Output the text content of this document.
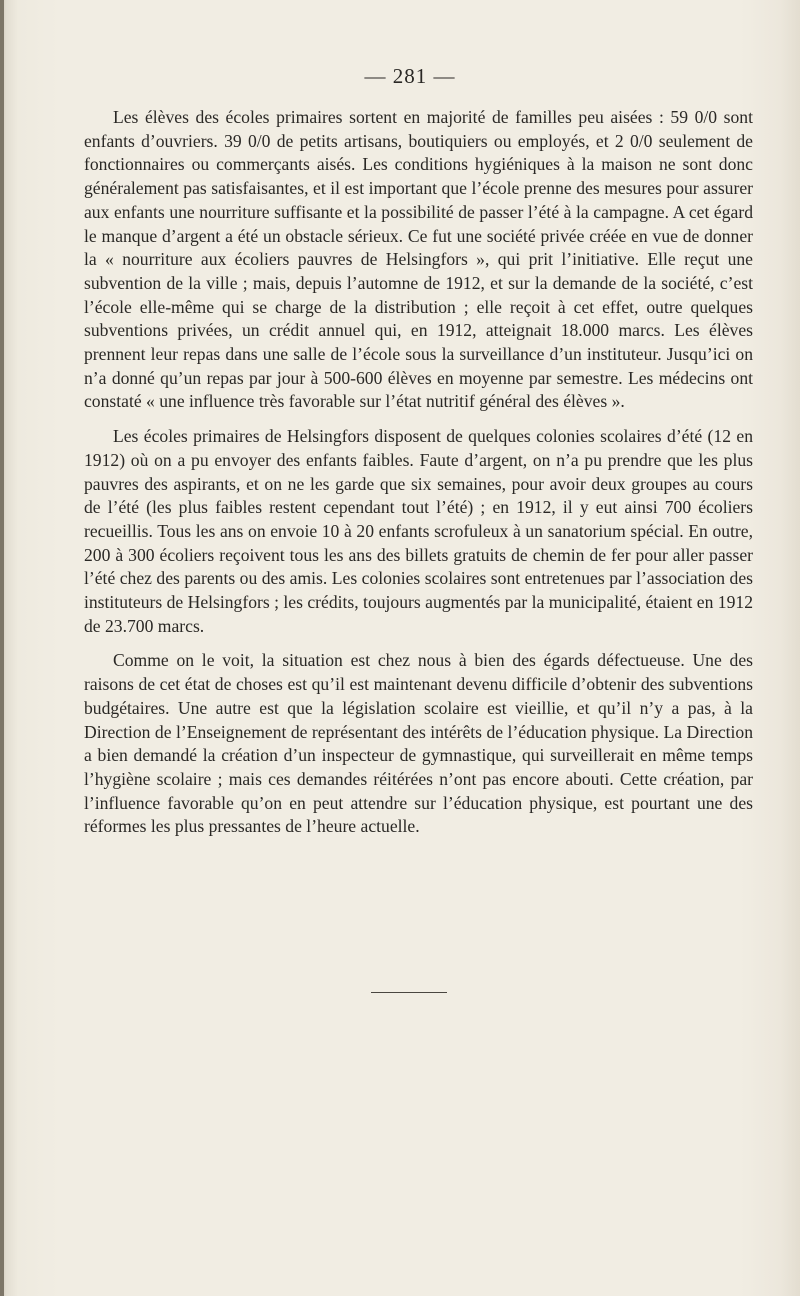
— 281 —

Les élèves des écoles primaires sortent en majorité de familles peu aisées : 59 0/0 sont enfants d’ouvriers. 39 0/0 de petits artisans, boutiquiers ou employés, et 2 0/0 seulement de fonctionnaires ou commerçants aisés. Les conditions hygiéniques à la maison ne sont donc généralement pas satisfaisantes, et il est important que l’école prenne des mesures pour assurer aux enfants une nourriture suffisante et la possibilité de passer l’été à la campagne. A cet égard le manque d’argent a été un obstacle sérieux. Ce fut une société privée créée en vue de donner la « nourriture aux écoliers pauvres de Helsingfors », qui prit l’initiative. Elle reçut une subvention de la ville ; mais, depuis l’automne de 1912, et sur la demande de la société, c’est l’école elle-même qui se charge de la distribution ; elle reçoit à cet effet, outre quelques subventions privées, un crédit annuel qui, en 1912, atteignait 18.000 marcs. Les élèves prennent leur repas dans une salle de l’école sous la surveillance d’un instituteur. Jusqu’ici on n’a donné qu’un repas par jour à 500-600 élèves en moyenne par semestre. Les médecins ont constaté « une influence très favorable sur l’état nutritif général des élèves ».

Les écoles primaires de Helsingfors disposent de quelques colonies scolaires d’été (12 en 1912) où on a pu envoyer des enfants faibles. Faute d’argent, on n’a pu prendre que les plus pauvres des aspirants, et on ne les garde que six semaines, pour avoir deux groupes au cours de l’été (les plus faibles restent cependant tout l’été) ; en 1912, il y eut ainsi 700 écoliers recueillis. Tous les ans on envoie 10 à 20 enfants scrofuleux à un sanatorium spécial. En outre, 200 à 300 écoliers reçoivent tous les ans des billets gratuits de chemin de fer pour aller passer l’été chez des parents ou des amis. Les colonies scolaires sont entretenues par l’association des instituteurs de Helsingfors ; les crédits, toujours augmentés par la municipalité, étaient en 1912 de 23.700 marcs.

Comme on le voit, la situation est chez nous à bien des égards défectueuse. Une des raisons de cet état de choses est qu’il est maintenant devenu difficile d’obtenir des subventions budgétaires. Une autre est que la législation scolaire est vieillie, et qu’il n’y a pas, à la Direction de l’Enseignement de représentant des intérêts de l’éducation physique. La Direction a bien demandé la création d’un inspecteur de gymnastique, qui surveillerait en même temps l’hygiène scolaire ; mais ces demandes réitérées n’ont pas encore abouti. Cette création, par l’influence favorable qu’on en peut attendre sur l’éducation physique, est pourtant une des réformes les plus pressantes de l’heure actuelle.
